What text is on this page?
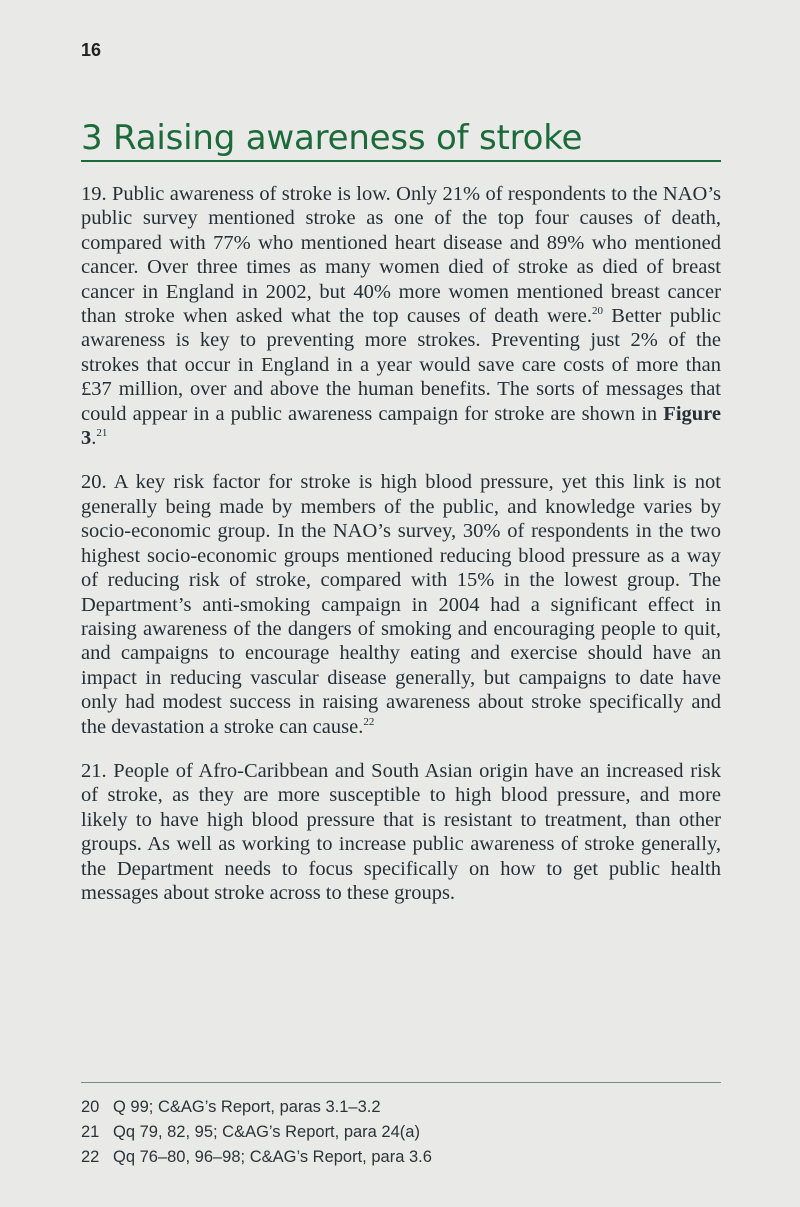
16
3 Raising awareness of stroke

19. Public awareness of stroke is low. Only 21% of respondents to the NAO’s public survey mentioned stroke as one of the top four causes of death, compared with 77% who mentioned heart disease and 89% who mentioned cancer. Over three times as many women died of stroke as died of breast cancer in England in 2002, but 40% more women mentioned breast cancer than stroke when asked what the top causes of death were.$^{20}$ Better public awareness is key to preventing more strokes. Preventing just 2% of the strokes that occur in England in a year would save care costs of more than £37 million, over and above the human benefits. The sorts of messages that could appear in a public awareness campaign for stroke are shown in Figure 3.21

20. A key risk factor for stroke is high blood pressure, yet this link is not generally being made by members of the public, and knowledge varies by socio-economic group. In the NAO’s survey, 30% of respondents in the two highest socio-economic groups mentioned reducing blood pressure as a way of reducing risk of stroke, compared with 15% in the lowest group. The Department’s anti-smoking campaign in 2004 had a significant effect in raising awareness of the dangers of smoking and encouraging people to quit, and campaigns to encourage healthy eating and exercise should have an impact in reducing vascular disease generally, but campaigns to date have only had modest success in raising awareness about stroke specifically and the devastation a stroke can cause.$^{22}$

21. People of Afro-Caribbean and South Asian origin have an increased risk of stroke, as they are more susceptible to high blood pressure, and more likely to have high blood pressure that is resistant to treatment, than other groups. As well as working to increase public awareness of stroke generally, the Department needs to focus specifically on how to get public health messages about stroke across to these groups.

20 Q 99; C&AG’s Report, paras 3.1–3.2
21 Qq 79, 82, 95; C&AG’s Report, para 24(a)
22 Qq 76–80, 96–98; C&AG’s Report, para 3.6
